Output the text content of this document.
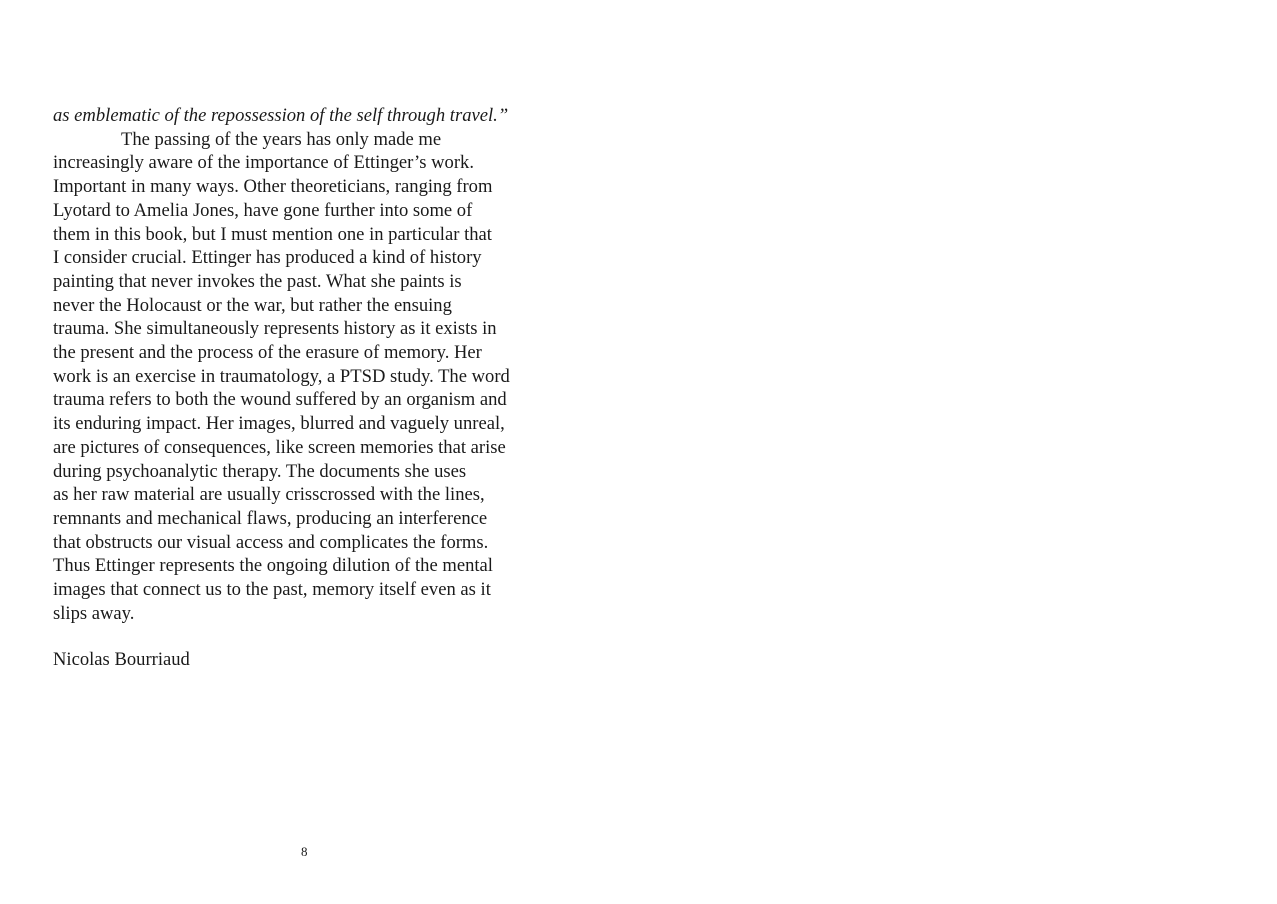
as emblematic of the repossession of the self through travel.”
The passing of the years has only made me
increasingly aware of the importance of Ettinger’s work.
Important in many ways. Other theoreticians, ranging from
Lyotard to Amelia Jones, have gone further into some of
them in this book, but I must mention one in particular that
I consider crucial. Ettinger has produced a kind of history
painting that never invokes the past. What she paints is
never the Holocaust or the war, but rather the ensuing
trauma. She simultaneously represents history as it exists in
the present and the process of the erasure of memory. Her
work is an exercise in traumatology, a PTSD study. The word
trauma refers to both the wound suffered by an organism and
its enduring impact. Her images, blurred and vaguely unreal,
are pictures of consequences, like screen memories that arise
during psychoanalytic therapy. The documents she uses
as her raw material are usually crisscrossed with the lines,
remnants and mechanical flaws, producing an interference
that obstructs our visual access and complicates the forms.
Thus Ettinger represents the ongoing dilution of the mental
images that connect us to the past, memory itself even as it
slips away.
Nicolas Bourriaud
8
